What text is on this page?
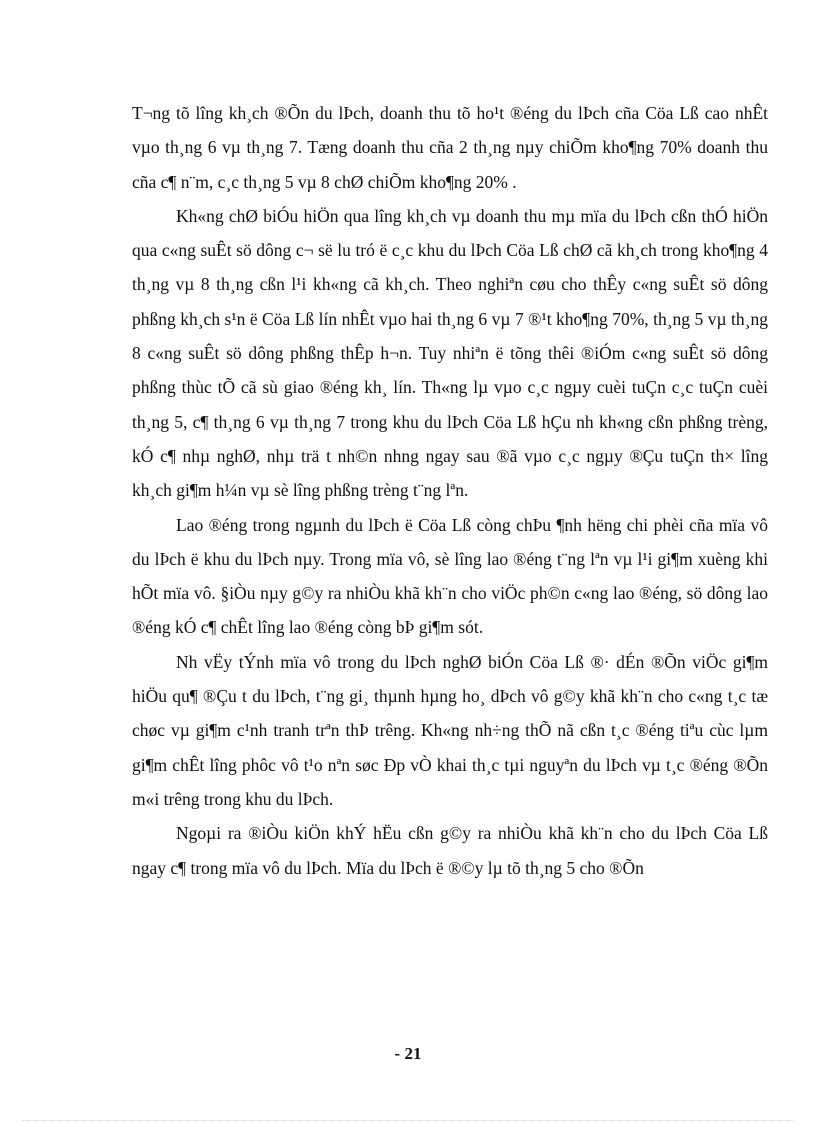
T¬ng tõ lîng kh¸ch ®Õn du lÞch, doanh thu tõ ho¹t ®éng du lÞch cña Cöa Lß cao nhÊt vµo th¸ng 6 vµ th¸ng 7. Tæng doanh thu cña 2 th¸ng nµy chiÕm kho¶ng 70% doanh thu cña c¶ n¨m, c¸c th¸ng 5 vµ 8 chØ chiÕm kho¶ng 20% .

Kh«ng chØ biÓu hiÖn qua lîng kh¸ch vµ doanh thu mµ mïa du lÞch cßn thÓ hiÖn qua c«ng suÊt sö dông c¬ së lu tró ë c¸c khu du lÞch Cöa Lß chØ cã kh¸ch trong kho¶ng 4 th¸ng vµ 8 th¸ng cßn l¹i kh«ng cã kh¸ch. Theo nghiªn cøu cho thÊy c«ng suÊt sö dông phßng kh¸ch s¹n ë Cöa Lß lín nhÊt vµo hai th¸ng 6 vµ 7 ®¹t kho¶ng 70%, th¸ng 5 vµ th¸ng 8 c«ng suÊt sö dông phßng thÊp h¬n. Tuy nhiªn ë tõng thêi ®iÓm c«ng suÊt sö dông phßng thùc tÕ cã sù giao ®éng kh¸ lín. Th«ng lµ vµo c¸c ngµy cuèi tuÇn c¸c tuÇn cuèi th¸ng 5, c¶ th¸ng 6 vµ th¸ng 7 trong khu du lÞch Cöa Lß hÇu nh kh«ng cßn phßng trèng, kÓ c¶ nhµ nghØ, nhµ trä t nh©n nhng ngay sau ®ã vµo c¸c ngµy ®Çu tuÇn th× lîng kh¸ch gi¶m h¼n vµ sè lîng phßng trèng t¨ng lªn.

Lao ®éng trong ngµnh du lÞch ë Cöa Lß còng chÞu ¶nh hëng chi phèi cña mïa vô du lÞch ë khu du lÞch nµy. Trong mïa vô, sè lîng lao ®éng t¨ng lªn vµ l¹i gi¶m xuèng khi hÕt mïa vô. §iÒu nµy g©y ra nhiÒu khã kh¨n cho viÖc ph©n c«ng lao ®éng, sö dông lao ®éng kÓ c¶ chÊt lîng lao ®éng còng bÞ gi¶m sót.

Nh vËy tÝnh mïa vô trong du lÞch nghØ biÓn Cöa Lß ®· dÉn ®Õn viÖc gi¶m hiÖu qu¶ ®Çu t du lÞch, t¨ng gi¸ thµnh hµng ho¸ dÞch vô g©y khã kh¨n cho c«ng t¸c tæ chøc vµ gi¶m c¹nh tranh trªn thÞ trêng. Kh«ng nh÷ng thÕ nã cßn t¸c ®éng tiªu cùc lµm gi¶m chÊt lîng phôc vô t¹o nªn søc Ðp vÒ khai th¸c tµi nguyªn du lÞch vµ t¸c ®éng ®Õn m«i trêng trong khu du lÞch.

Ngoµi ra ®iÒu kiÖn khÝ hËu cßn g©y ra nhiÒu khã kh¨n cho du lÞch Cöa Lß ngay c¶ trong mïa vô du lÞch. Mïa du lÞch ë ®©y lµ tõ th¸ng 5 cho ®Õn

- 21
